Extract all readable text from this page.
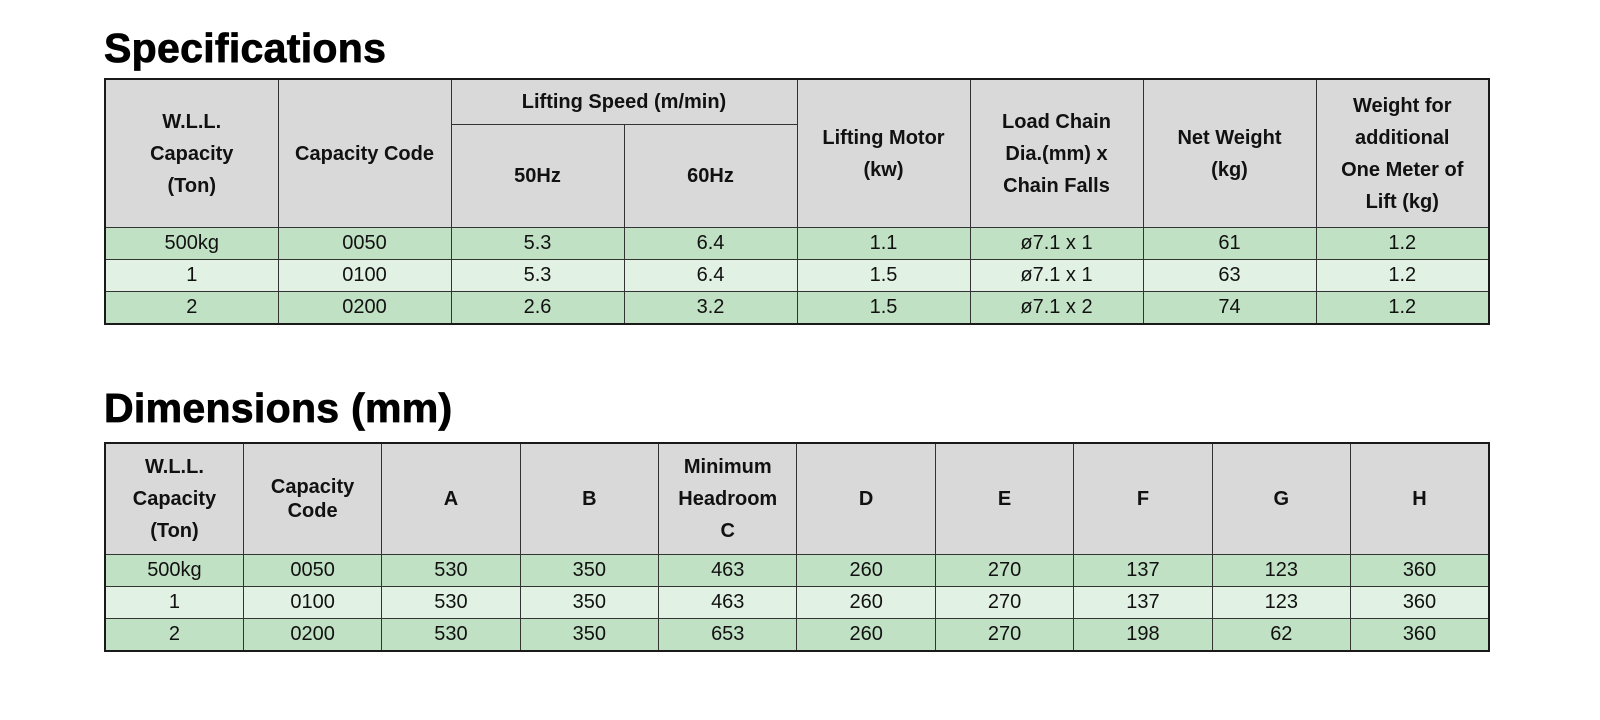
Specifications
W.L.L. Capacity (Ton)	Capacity Code	Lifting Speed (m/min)		Lifting Motor (kw)	Load Chain Dia.(mm) x Chain Falls	Net Weight (kg)	Weight for additional One Meter of Lift (kg)
		50Hz	60Hz				
500kg	0050	5.3	6.4	1.1	ø7.1 x 1	61	1.2
1	0100	5.3	6.4	1.5	ø7.1 x 1	63	1.2
2	0200	2.6	3.2	1.5	ø7.1 x 2	74	1.2
Dimensions (mm)
W.L.L. Capacity (Ton)	Capacity Code	A	B	Minimum Headroom C	D	E	F	G	H
500kg	0050	530	350	463	260	270	137	123	360
1	0100	530	350	463	260	270	137	123	360
2	0200	530	350	653	260	270	198	62	360
